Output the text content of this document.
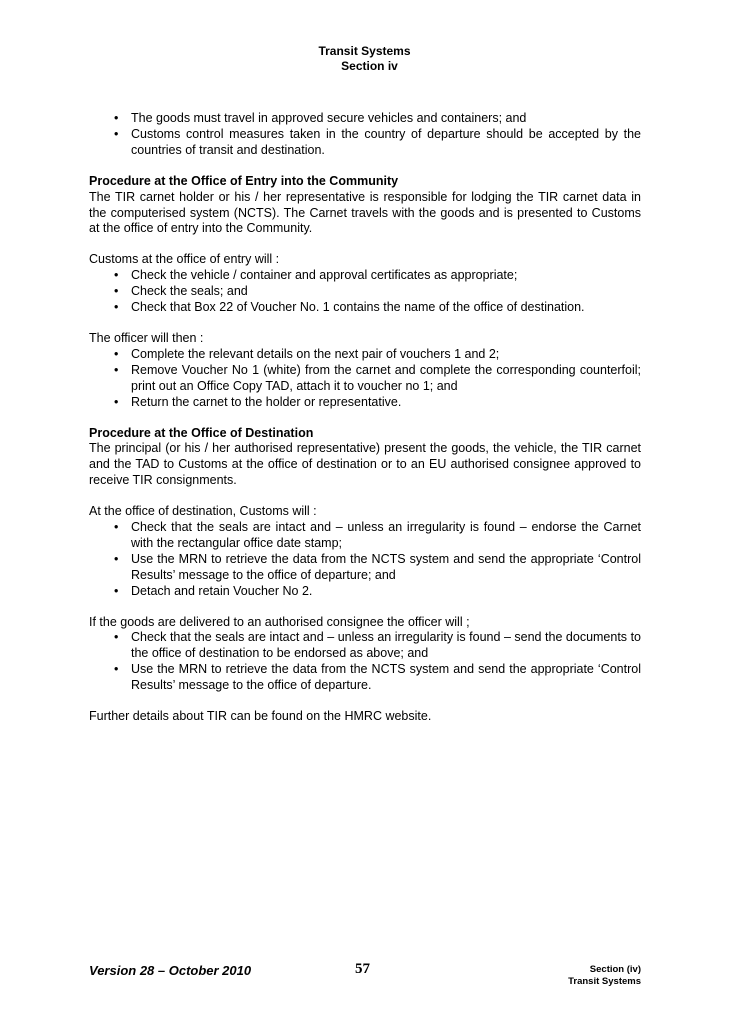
Transit Systems
Section iv
• The goods must travel in approved secure vehicles and containers; and
• Customs control measures taken in the country of departure should be accepted by the countries of transit and destination.

Procedure at the Office of Entry into the Community

The TIR carnet holder or his / her representative is responsible for lodging the TIR carnet data in the computerised system (NCTS). The Carnet travels with the goods and is presented to Customs at the office of entry into the Community.

Customs at the office of entry will :

• Check the vehicle / container and approval certificates as appropriate;
• Check the seals; and
• Check that Box 22 of Voucher No. 1 contains the name of the office of destination.

The officer will then :

• Complete the relevant details on the next pair of vouchers 1 and 2;
• Remove Voucher No 1 (white) from the carnet and complete the corresponding counterfoil; print out an Office Copy TAD, attach it to voucher no 1; and
• Return the carnet to the holder or representative.

Procedure at the Office of Destination

The principal (or his / her authorised representative) present the goods, the vehicle, the TIR carnet and the TAD to Customs at the office of destination or to an EU authorised consignee approved to receive TIR consignments.

At the office of destination, Customs will :

• Check that the seals are intact and – unless an irregularity is found – endorse the Carnet with the rectangular office date stamp;
• Use the MRN to retrieve the data from the NCTS system and send the appropriate ‘Control Results’ message to the office of departure; and
• Detach and retain Voucher No 2.

If the goods are delivered to an authorised consignee the officer will ;

• Check that the seals are intact and – unless an irregularity is found – send the documents to the office of destination to be endorsed as above; and
• Use the MRN to retrieve the data from the NCTS system and send the appropriate ‘Control Results’ message to the office of departure.

Further details about TIR can be found on the HMRC website.

Version 28 – October 2010	57	Section (iv)
Transit Systems
